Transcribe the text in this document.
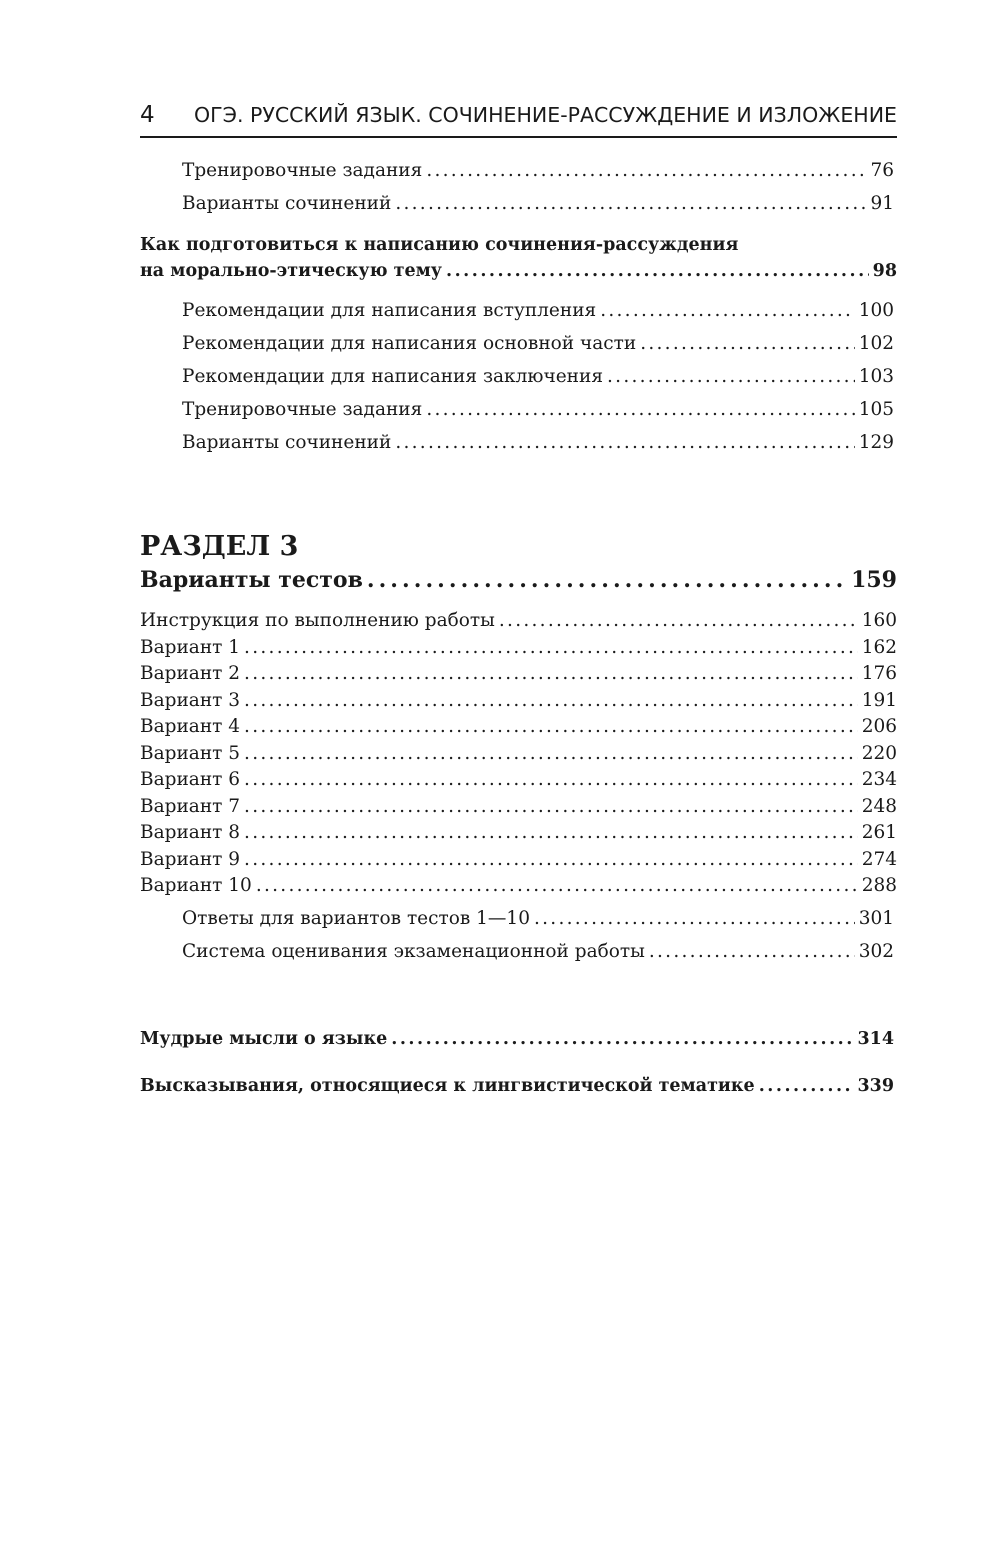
4 ОГЭ. РУССКИЙ ЯЗЫК. СОЧИНЕНИЕ-РАССУЖДЕНИЕ И ИЗЛОЖЕНИЕ
Тренировочные задания . . .	76
Варианты сочинений . . .	91
Как подготовиться к написанию сочинения-рассуждения
на морально-этическую тему . . .	98
Рекомендации для написания вступления . . .	100
Рекомендации для написания основной части . . .	102
Рекомендации для написания заключения . . .	103
Тренировочные задания . . .	105
Варианты сочинений . . .	129
РАЗДЕЛ 3
Варианты тестов . . .	159
Инструкция по выполнению работы . . .	160
Вариант 1 . . .	162
Вариант 2 . . .	176
Вариант 3 . . .	191
Вариант 4 . . .	206
Вариант 5 . . .	220
Вариант 6 . . .	234
Вариант 7 . . .	248
Вариант 8 . . .	261
Вариант 9 . . .	274
Вариант 10 . . .	288
Ответы для вариантов тестов 1—10 . . .	301
Система оценивания экзаменационной работы . . .	302
Мудрые мысли о языке . . .	314
Высказывания, относящиеся к лингвистической тематике . . .	339
